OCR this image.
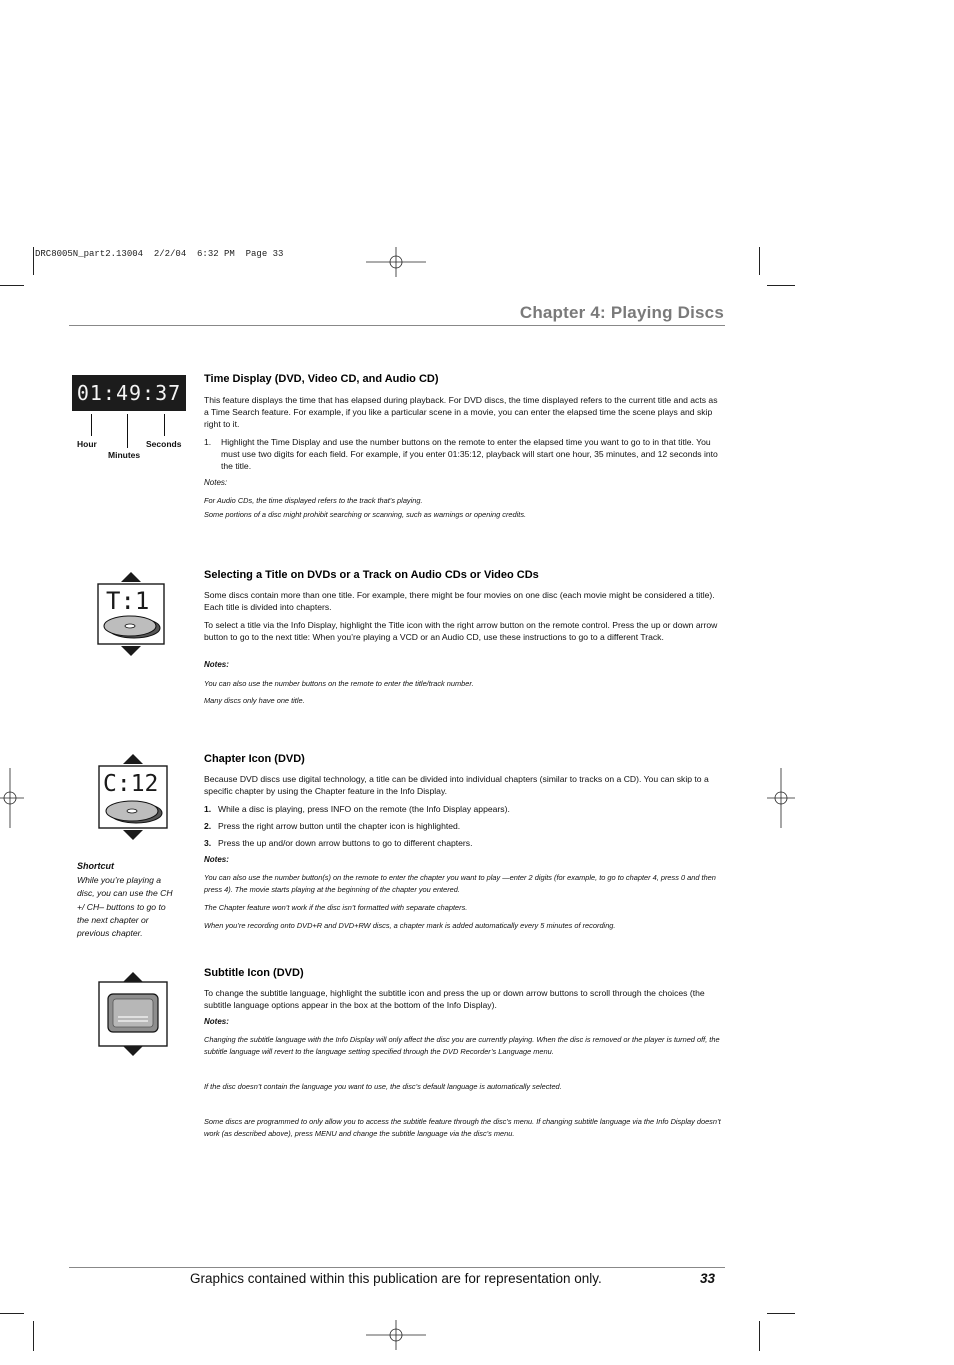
DRC8005N_part2.13004  2/2/04  6:32 PM  Page 33
Chapter 4: Playing Discs
01:49:37
Hour
Minutes
Seconds
Time Display (DVD, Video CD, and Audio CD)
This feature displays the time that has elapsed during playback. For DVD discs, the time displayed refers to the current title and acts as a Time Search feature. For example, if you like a particular scene in a movie, you can enter the elapsed time the scene plays and skip right to it.
1. Highlight the Time Display and use the number buttons on the remote to enter the elapsed time you want to go to in that title. You must use two digits for each field. For example, if you enter 01:35:12, playback will start one hour, 35 minutes, and 12 seconds into the title.
Notes:
For Audio CDs, the time displayed refers to the track that’s playing.
Some portions of a disc might prohibit searching or scanning, such as warnings or opening credits.
T:1
Selecting a Title on DVDs or a Track on Audio CDs or Video CDs
Some discs contain more than one title. For example, there might be four movies on one disc (each movie might be considered a title). Each title is divided into chapters.
To select a title via the Info Display, highlight the Title icon with the right arrow button on the remote control. Press the up or down arrow button to go to the next title: When you’re playing a VCD or an Audio CD, use these instructions to go to a different Track.
Notes:
You can also use the number buttons on the remote to enter the title/track number.
Many discs only have one title.
C:12
Chapter Icon (DVD)
Because DVD discs use digital technology, a title can be divided into individual chapters (similar to tracks on a CD). You can skip to a specific chapter by using the Chapter feature in the Info Display.
1. While a disc is playing, press INFO on the remote (the Info Display appears).
2. Press the right arrow button until the chapter icon is highlighted.
3. Press the up and/or down arrow buttons to go to different chapters.
Notes:
You can also use the number button(s) on the remote to enter the chapter you want to play —enter 2 digits (for example, to go to chapter 4, press 0 and then press 4). The movie starts playing at the beginning of the chapter you entered.
The Chapter feature won’t work if the disc isn’t formatted with separate chapters.
When you’re recording onto DVD+R and DVD+RW discs, a chapter mark is added automatically every 5 minutes of recording.
Shortcut
While you’re playing a disc, you can use the CH +/ CH– buttons to go to the next chapter or previous chapter.
Subtitle Icon (DVD)
To change the subtitle language, highlight the subtitle icon and press the up or down arrow buttons to scroll through the choices (the subtitle language options appear in the box at the bottom of the Info Display).
Notes:
Changing the subtitle language with the Info Display will only affect the disc you are currently playing. When the disc is removed or the player is turned off, the subtitle language will revert to the language setting specified through the DVD Recorder’s Language menu.
If the disc doesn’t contain the language you want to use, the disc’s default language is automatically selected.
Some discs are programmed to only allow you to access the subtitle feature through the disc’s menu. If changing subtitle language via the Info Display doesn’t work (as described above), press MENU and change the subtitle language via the disc’s menu.
Graphics contained within this publication are for representation only.	33
